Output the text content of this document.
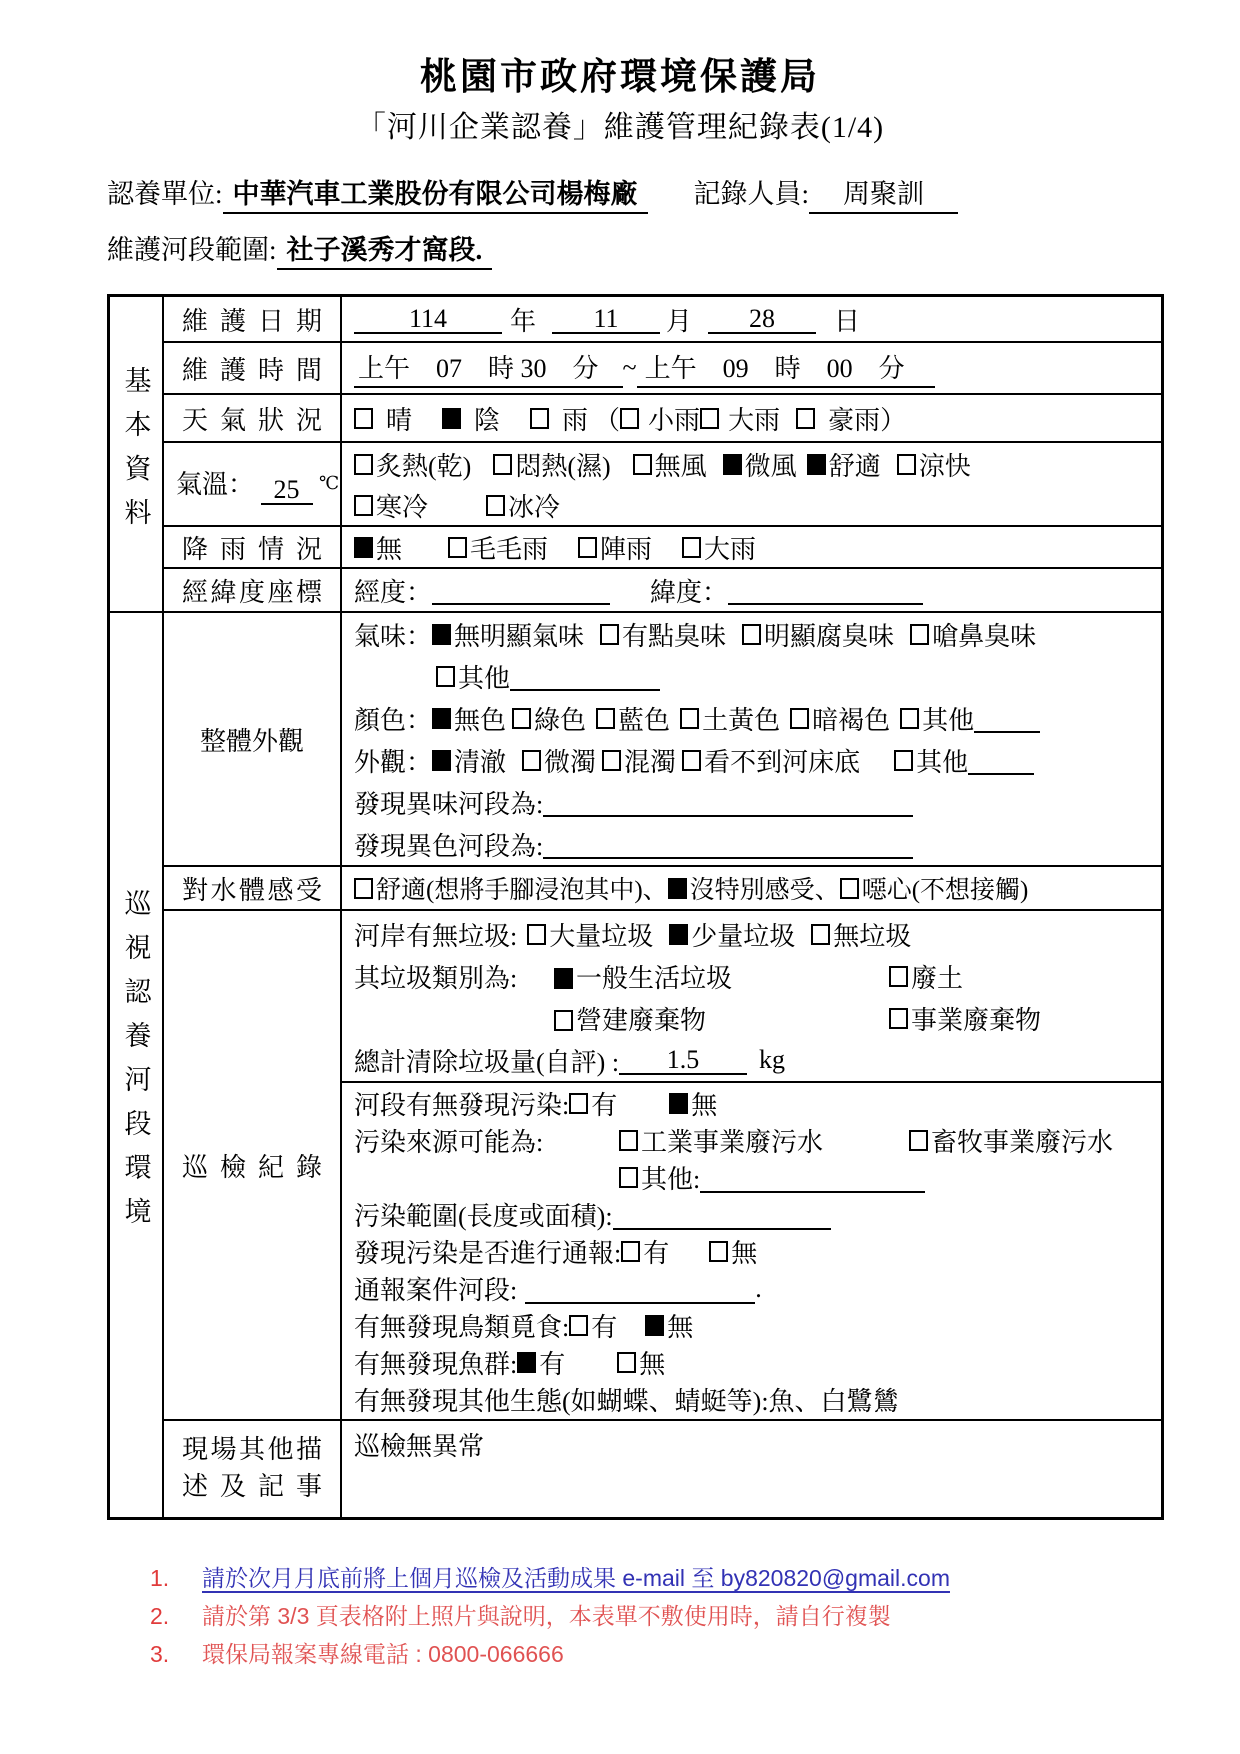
桃園市政府環境保護局
「河川企業認養」維護管理紀錄表(1/4)
認養單位: 中華汽車工業股份有限公司楊梅廠	記錄人員:	周聚訓
維護河段範圍: 社子溪秀才窩段.
基本資料
維護日期	114	年	11	月	28	日
維護時間	上午　07　時 30　分 ~ 上午　09　時　00　分
天氣狀況	晴 陰 雨 （ 小雨 大雨 豪雨 ）
氣溫： 25 ℃
炙熱(乾) 悶熱(濕) 無風 微風 舒適 涼快
寒冷	冰冷
降雨情況	無	毛毛雨 陣雨 大雨
經緯度座標	經度：	緯度：
巡視認養河段環境
整體外觀
氣味： 無明顯氣味 有點臭味 明顯腐臭味 嗆鼻臭味
其他
顏色： 無色 綠色 藍色 土黃色 暗褐色 其他
外觀： 清澈 微濁 混濁 看不到河床底 其他
發現異味河段為:
發現異色河段為:
對水體感受	舒適(想將手腳浸泡其中) 、 沒特別感受 、 噁心(不想接觸)
巡檢紀錄
河岸有無垃圾: 大量垃圾 少量垃圾 無垃圾
其垃圾類別為:	一般生活垃圾	廢土
營建廢棄物	事業廢棄物
總計清除垃圾量(自評) :	1.5	kg
河段有無發現污染: 有	無
污染來源可能為:	工業事業廢污水	畜牧事業廢污水
其他:
污染範圍(長度或面積):
發現污染是否進行通報: 有 無
通報案件河段:	.
有無發現鳥類覓食: 有 無
有無發現魚群: 有	無
有無發現其他生態(如蝴蝶、蜻蜓等): 魚、白鷺鷥
現場其他描述及記事
巡檢無異常
1.	請於次月月底前將上個月巡檢及活動成果 e-mail 至 by820820@gmail.com
2.	請於第 3/3 頁表格附上照片與說明，本表單不敷使用時，請自行複製
3.	環保局報案專線電話 : 0800-066666
